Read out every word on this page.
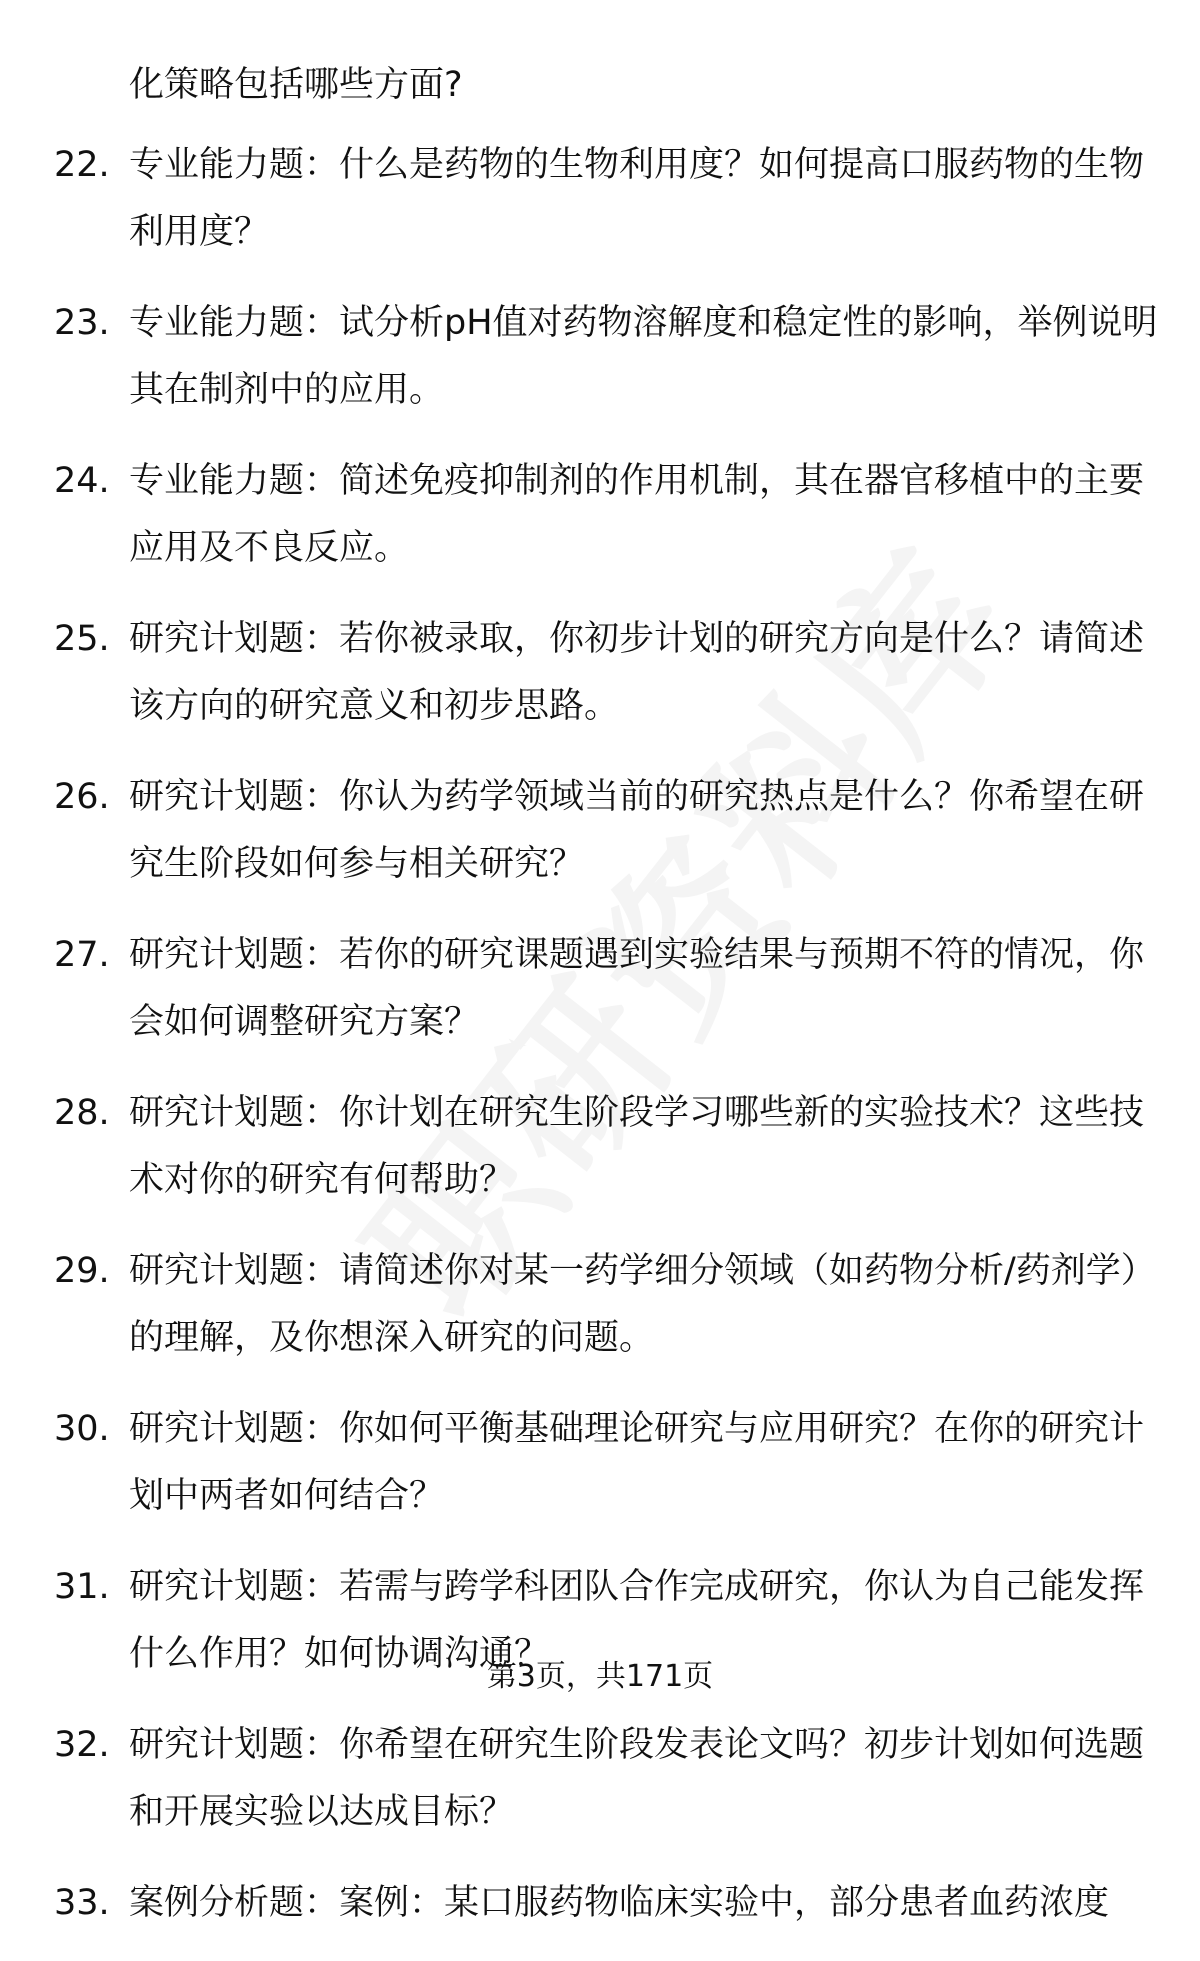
化策略包括哪些方面?
22. 专业能力题：什么是药物的生物利用度？如何提高口服药物的生物利用度？
23. 专业能力题：试分析pH值对药物溶解度和稳定性的影响，举例说明其在制剂中的应用。
24. 专业能力题：简述免疫抑制剂的作用机制，其在器官移植中的主要应用及不良反应。
25. 研究计划题：若你被录取，你初步计划的研究方向是什么？请简述该方向的研究意义和初步思路。
26. 研究计划题：你认为药学领域当前的研究热点是什么？你希望在研究生阶段如何参与相关研究？
27. 研究计划题：若你的研究课题遇到实验结果与预期不符的情况，你会如何调整研究方案？
28. 研究计划题：你计划在研究生阶段学习哪些新的实验技术？这些技术对你的研究有何帮助？
29. 研究计划题：请简述你对某一药学细分领域（如药物分析/药剂学）的理解，及你想深入研究的问题。
30. 研究计划题：你如何平衡基础理论研究与应用研究？在你的研究计划中两者如何结合？
31. 研究计划题：若需与跨学科团队合作完成研究，你认为自己能发挥什么作用？如何协调沟通？
32. 研究计划题：你希望在研究生阶段发表论文吗？初步计划如何选题和开展实验以达成目标？
33. 案例分析题：案例：某口服药物临床实验中，部分患者血药浓度
第3页，共171页
